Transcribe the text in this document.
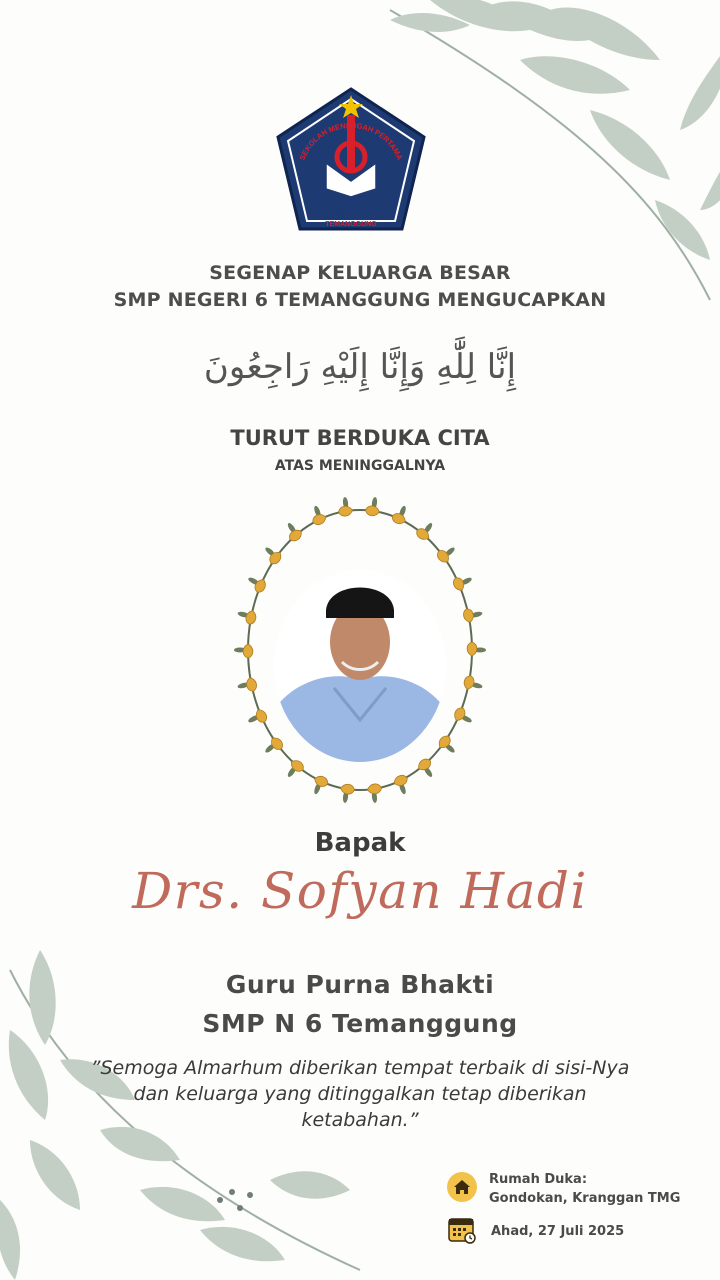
NEGERI
SEKOLAH MENENGAH PERTAMA
TEMANGGUNG
SEGENAP KELUARGA BESAR
SMP NEGERI 6 TEMANGGUNG MENGUCAPKAN
إِنَّا لِلَّٰهِ وَإِنَّا إِلَيْهِ رَاجِعُونَ
TURUT BERDUKA CITA
ATAS MENINGGALNYA
Bapak
Drs. Sofyan Hadi
Guru Purna Bhakti
SMP N 6 Temanggung
”Semoga Almarhum diberikan tempat terbaik di sisi-Nya dan keluarga yang ditinggalkan tetap diberikan ketabahan.”
Rumah Duka:
Gondokan, Kranggan TMG
Ahad, 27 Juli 2025
